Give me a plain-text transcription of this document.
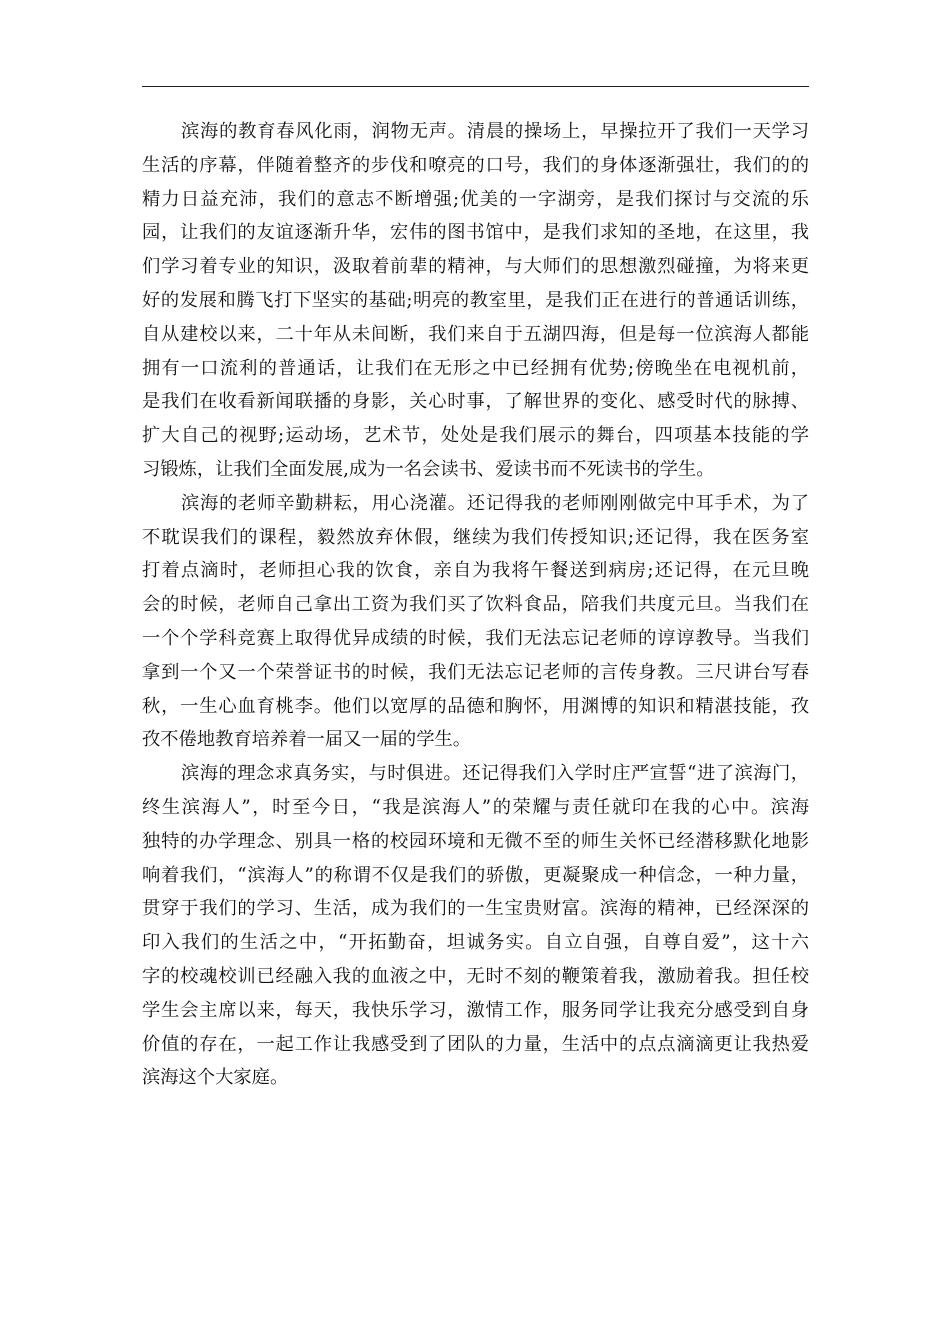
滨海的教育春风化雨，润物无声。清晨的操场上，早操拉开了我们一天学习
生活的序幕，伴随着整齐的步伐和嘹亮的口号，我们的身体逐渐强壮，我们的的
精力日益充沛，我们的意志不断增强;优美的一字湖旁，是我们探讨与交流的乐
园，让我们的友谊逐渐升华，宏伟的图书馆中，是我们求知的圣地，在这里，我
们学习着专业的知识，汲取着前辈的精神，与大师们的思想激烈碰撞，为将来更
好的发展和腾飞打下坚实的基础;明亮的教室里，是我们正在进行的普通话训练，
自从建校以来，二十年从未间断，我们来自于五湖四海，但是每一位滨海人都能
拥有一口流利的普通话，让我们在无形之中已经拥有优势;傍晚坐在电视机前，
是我们在收看新闻联播的身影，关心时事，了解世界的变化、感受时代的脉搏、
扩大自己的视野;运动场，艺术节，处处是我们展示的舞台，四项基本技能的学
习锻炼，让我们全面发展,成为一名会读书、爱读书而不死读书的学生。
滨海的老师辛勤耕耘，用心浇灌。还记得我的老师刚刚做完中耳手术，为了
不耽误我们的课程，毅然放弃休假，继续为我们传授知识;还记得，我在医务室
打着点滴时，老师担心我的饮食，亲自为我将午餐送到病房;还记得，在元旦晚
会的时候，老师自己拿出工资为我们买了饮料食品，陪我们共度元旦。当我们在
一个个学科竞赛上取得优异成绩的时候，我们无法忘记老师的谆谆教导。当我们
拿到一个又一个荣誉证书的时候，我们无法忘记老师的言传身教。三尺讲台写春
秋，一生心血育桃李。他们以宽厚的品德和胸怀，用渊博的知识和精湛技能，孜
孜不倦地教育培养着一届又一届的学生。
滨海的理念求真务实，与时俱进。还记得我们入学时庄严宣誓“进了滨海门，
终生滨海人”，时至今日，“我是滨海人”的荣耀与责任就印在我的心中。滨海
独特的办学理念、别具一格的校园环境和无微不至的师生关怀已经潜移默化地影
响着我们，“滨海人”的称谓不仅是我们的骄傲，更凝聚成一种信念，一种力量，
贯穿于我们的学习、生活，成为我们的一生宝贵财富。滨海的精神，已经深深的
印入我们的生活之中，“开拓勤奋，坦诚务实。自立自强，自尊自爱”，这十六
字的校魂校训已经融入我的血液之中，无时不刻的鞭策着我，激励着我。担任校
学生会主席以来，每天，我快乐学习，激情工作，服务同学让我充分感受到自身
价值的存在，一起工作让我感受到了团队的力量，生活中的点点滴滴更让我热爱
滨海这个大家庭。
